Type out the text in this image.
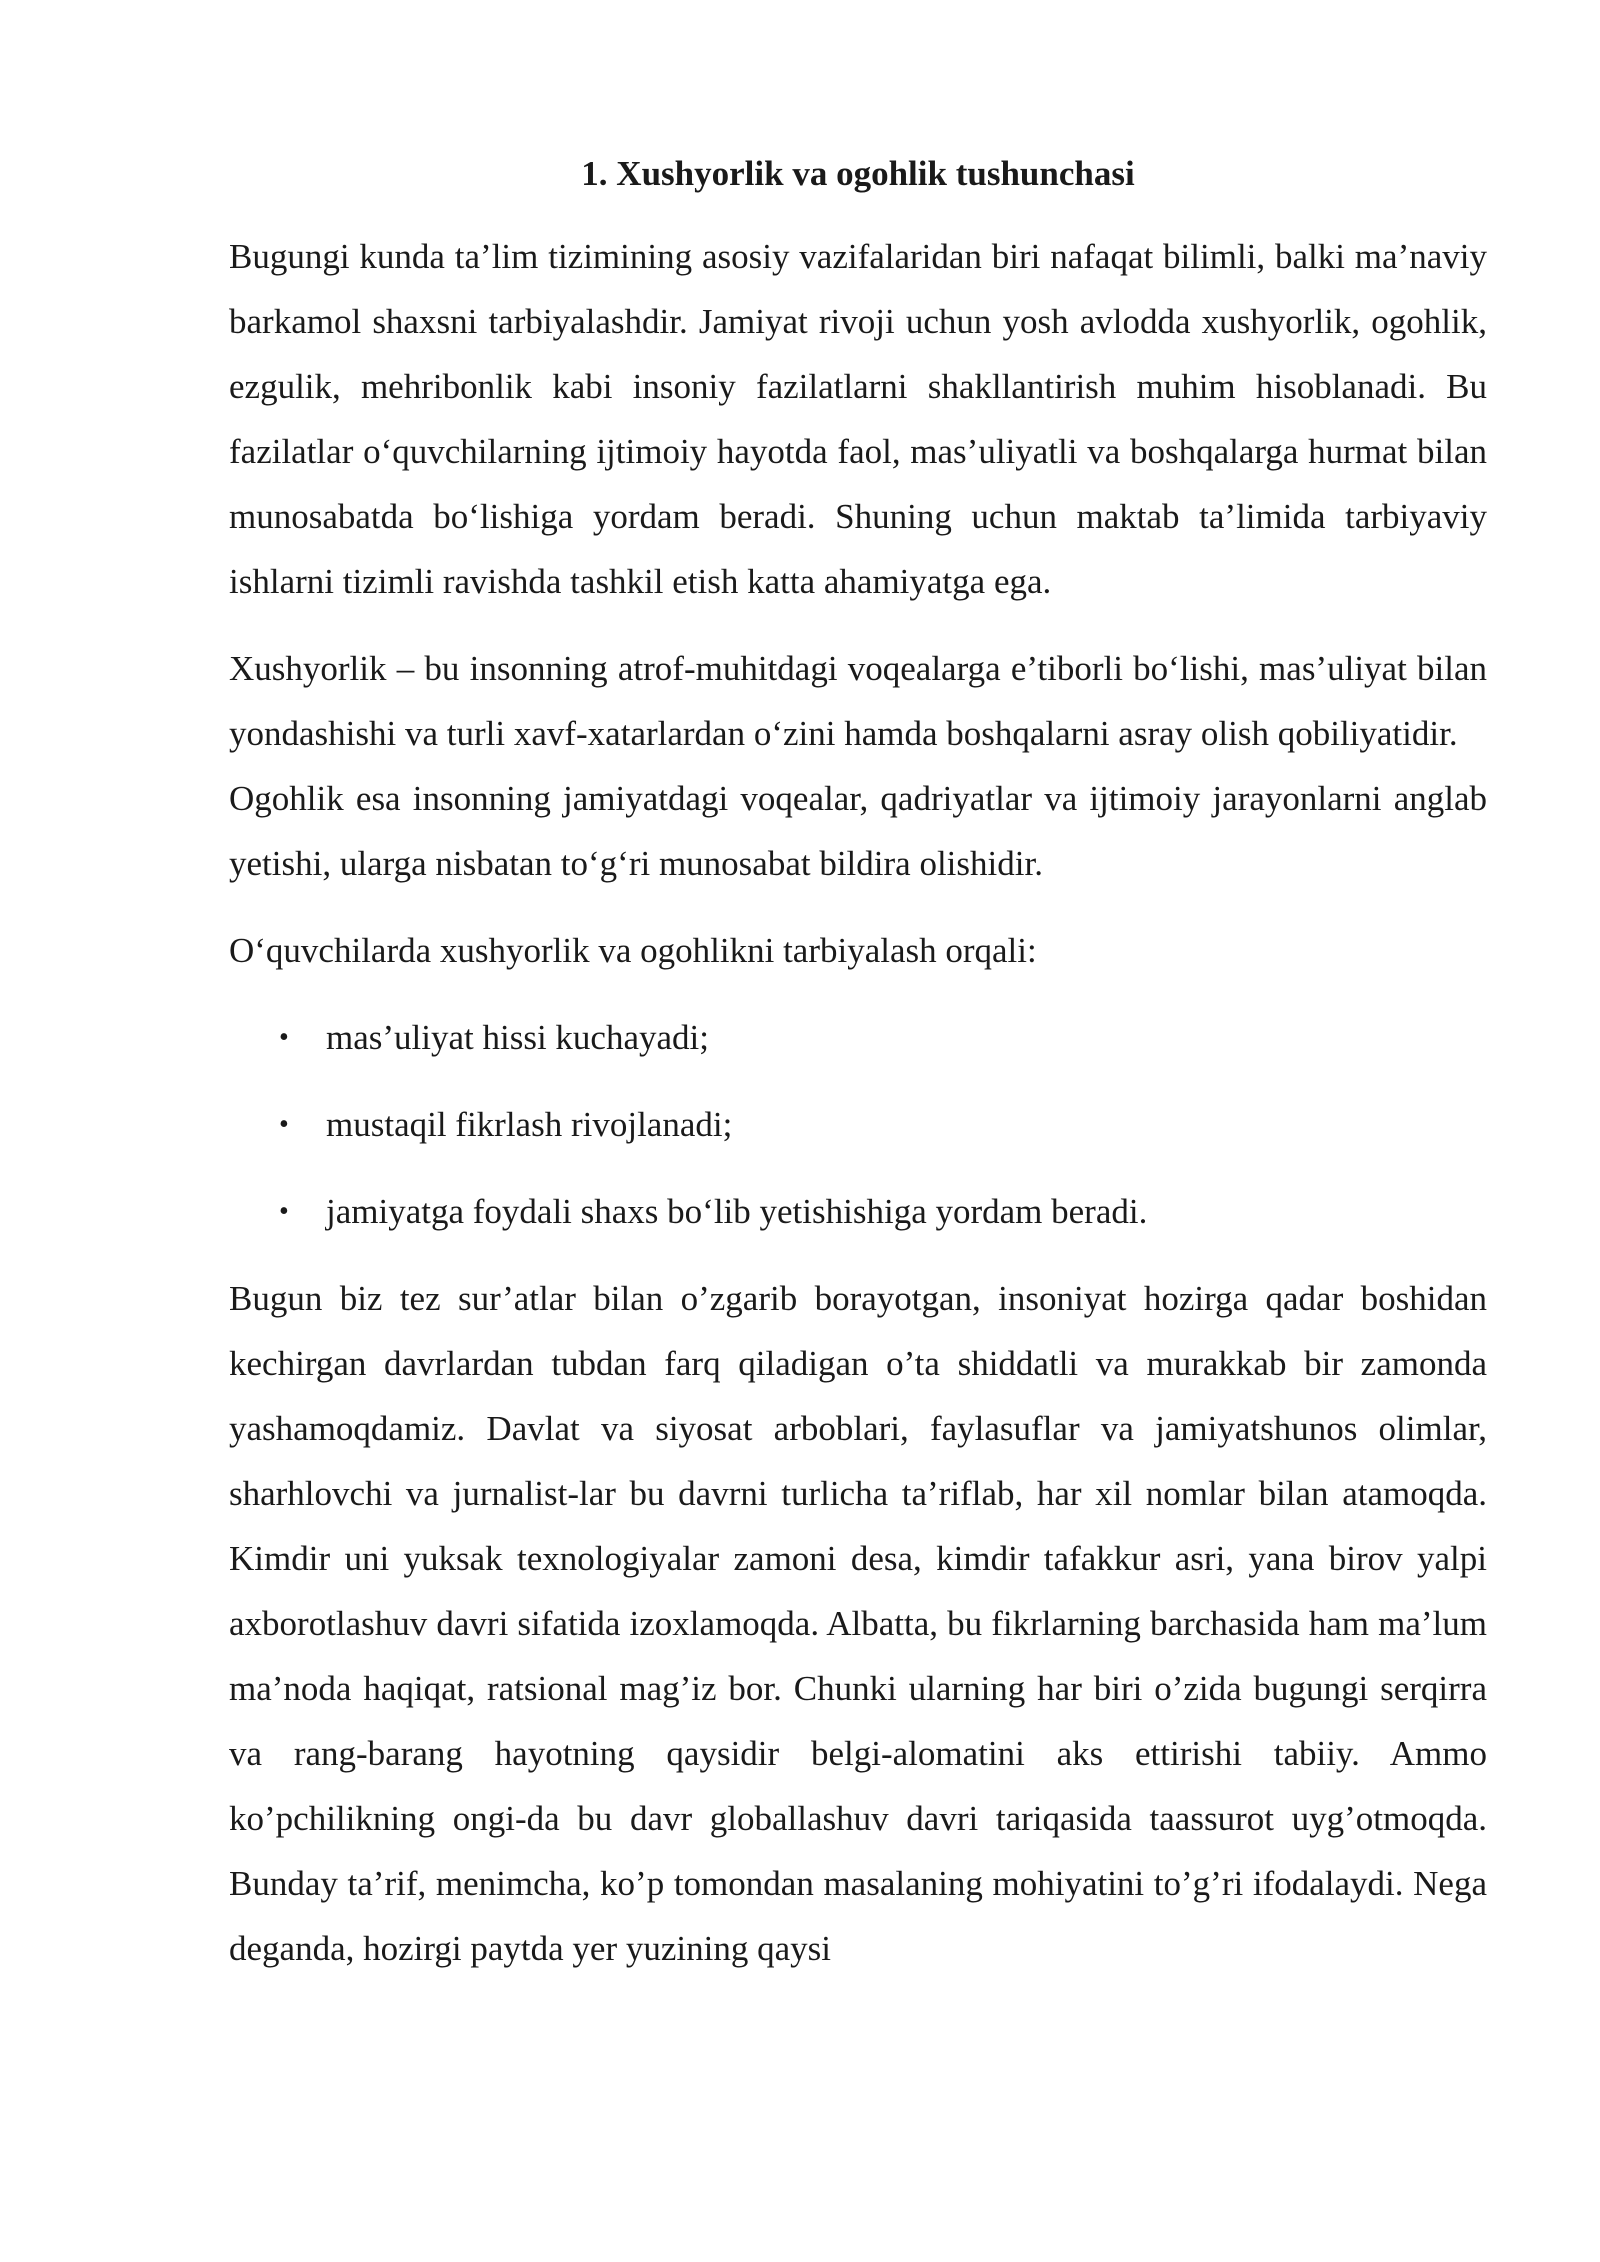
1. Xushyorlik va ogohlik tushunchasi

Bugungi kunda ta’lim tizimining asosiy vazifalaridan biri nafaqat bilimli, balki ma’naviy barkamol shaxsni tarbiyalashdir. Jamiyat rivoji uchun yosh avlodda xushyorlik, ogohlik, ezgulik, mehribonlik kabi insoniy fazilatlarni shakllantirish muhim hisoblanadi. Bu fazilatlar o‘quvchilarning ijtimoiy hayotda faol, mas’uliyatli va boshqalarga hurmat bilan munosabatda bo‘lishiga yordam beradi. Shuning uchun maktab ta’limida tarbiyaviy ishlarni tizimli ravishda tashkil etish katta ahamiyatga ega.

Xushyorlik – bu insonning atrof-muhitdagi voqealarga e’tiborli bo‘lishi, mas’uliyat bilan yondashishi va turli xavf-xatarlardan o‘zini hamda boshqalarni asray olish qobiliyatidir.

Ogohlik esa insonning jamiyatdagi voqealar, qadriyatlar va ijtimoiy jarayonlarni anglab yetishi, ularga nisbatan to‘g‘ri munosabat bildira olishidir.

O‘quvchilarda xushyorlik va ogohlikni tarbiyalash orqali:

• mas’uliyat hissi kuchayadi;
• mustaqil fikrlash rivojlanadi;
• jamiyatga foydali shaxs bo‘lib yetishishiga yordam beradi.

Bugun biz tez sur’atlar bilan o’zgarib borayotgan, insoniyat hozirga qadar boshidan kechirgan davrlardan tubdan farq qiladigan o’ta shiddatli va murakkab bir zamonda yashamoqdamiz. Davlat va siyosat arboblari, faylasuflar va jamiyatshunos olimlar, sharhlovchi va jurnalist-lar bu davrni turlicha ta’riflab, har xil nomlar bilan atamoqda. Kimdir uni yuksak texnologiyalar zamoni desa, kimdir tafakkur asri, yana birov yalpi axborotlashuv davri sifatida izoxlamoqda. Albatta, bu fikrlarning barchasida ham ma’lum ma’noda haqiqat, ratsional mag’iz bor. Chunki ularning har biri o’zida bugungi serqirra va rang-barang hayotning qaysidir belgi-alomatini aks ettirishi tabiiy. Ammo ko’pchilikning ongi-da bu davr globallashuv davri tariqasida taassurot uyg’otmoqda. Bunday ta’rif, menimcha, ko’p tomondan masalaning mohiyatini to’g’ri ifodalaydi. Nega deganda, hozirgi paytda yer yuzining qaysi
